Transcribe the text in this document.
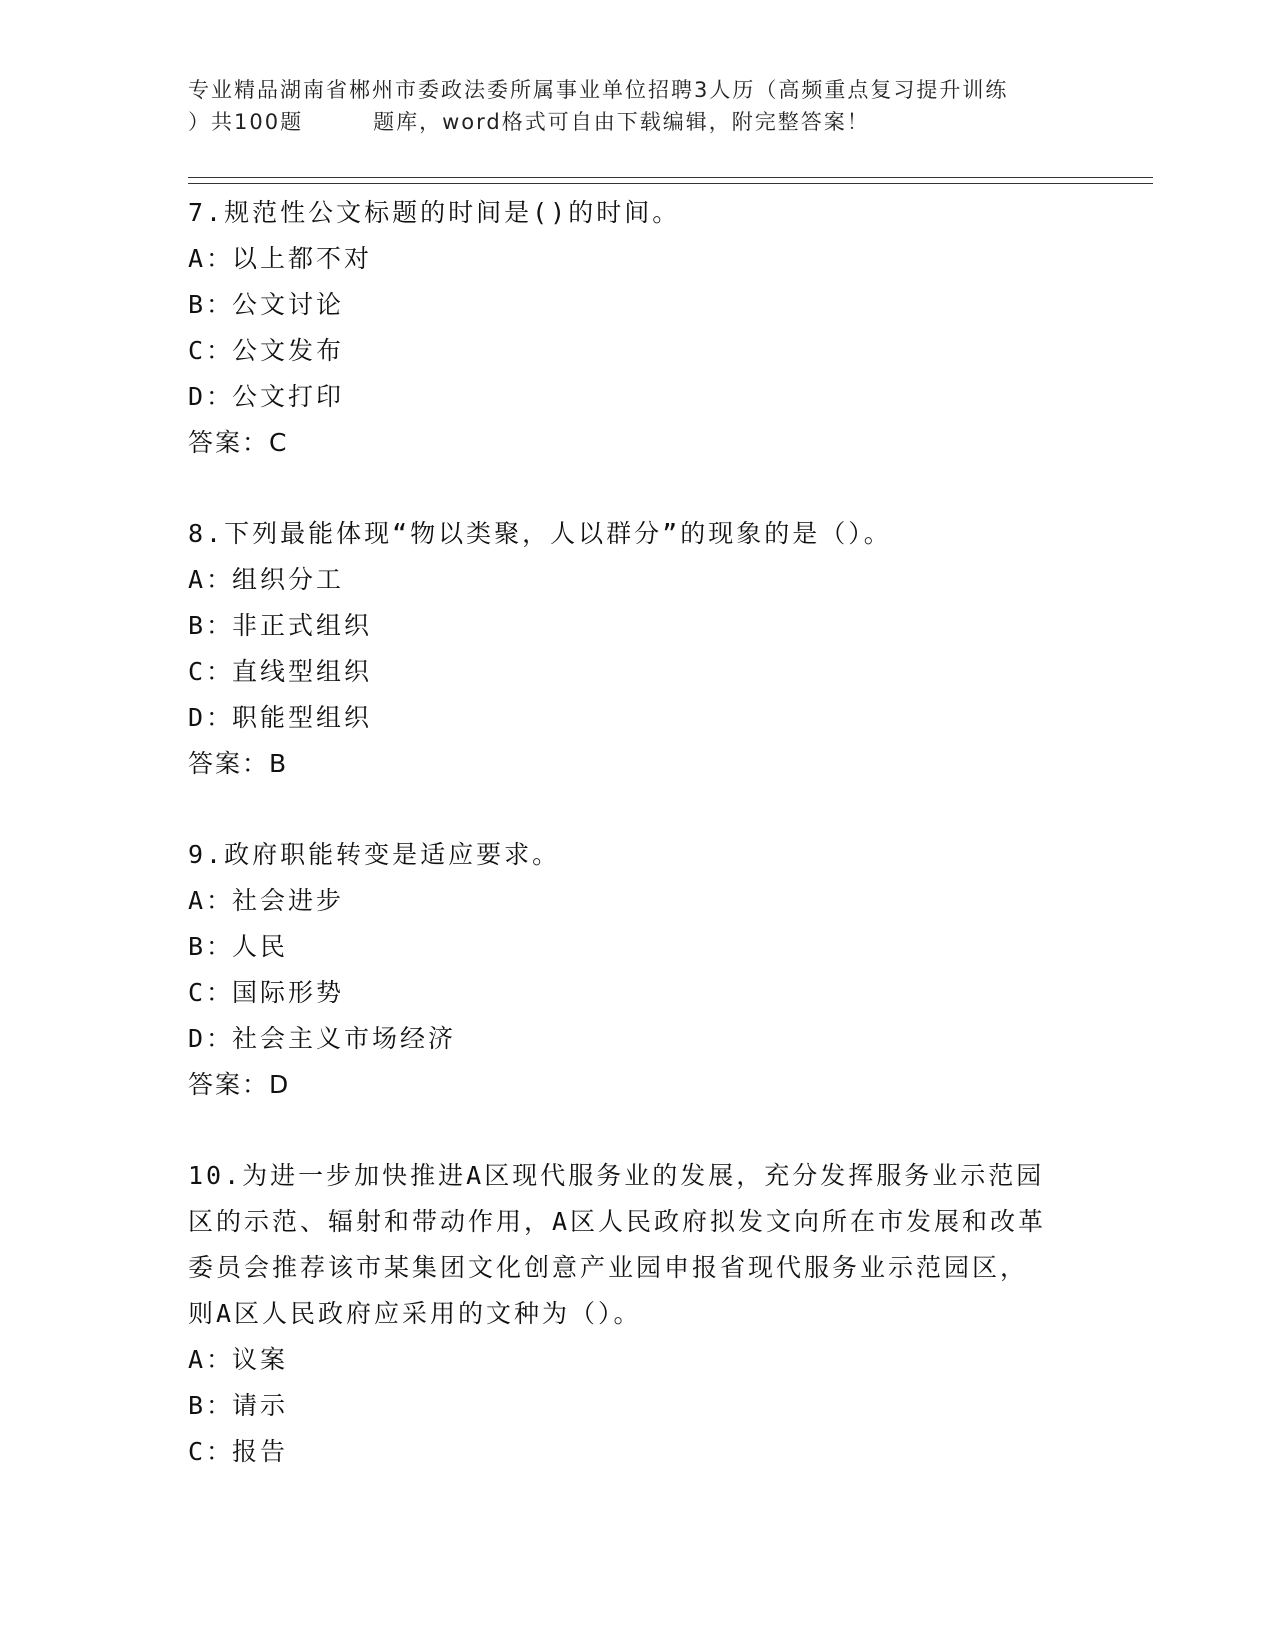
专业精品湖南省郴州市委政法委所属事业单位招聘3人历（高频重点复习提升训练
）共100题	题库，word格式可自由下载编辑，附完整答案！
7.规范性公文标题的时间是()的时间。
A：以上都不对
B：公文讨论
C：公文发布
D：公文打印
答案：C
8.下列最能体现“物以类聚，人以群分”的现象的是（）。
A：组织分工
B：非正式组织
C：直线型组织
D：职能型组织
答案：B
9.政府职能转变是适应要求。
A：社会进步
B：人民
C：国际形势
D：社会主义市场经济
答案：D
10.为进一步加快推进A区现代服务业的发展，充分发挥服务业示范园
区的示范、辐射和带动作用，A区人民政府拟发文向所在市发展和改革
委员会推荐该市某集团文化创意产业园申报省现代服务业示范园区，
则A区人民政府应采用的文种为（）。
A：议案
B：请示
C：报告
